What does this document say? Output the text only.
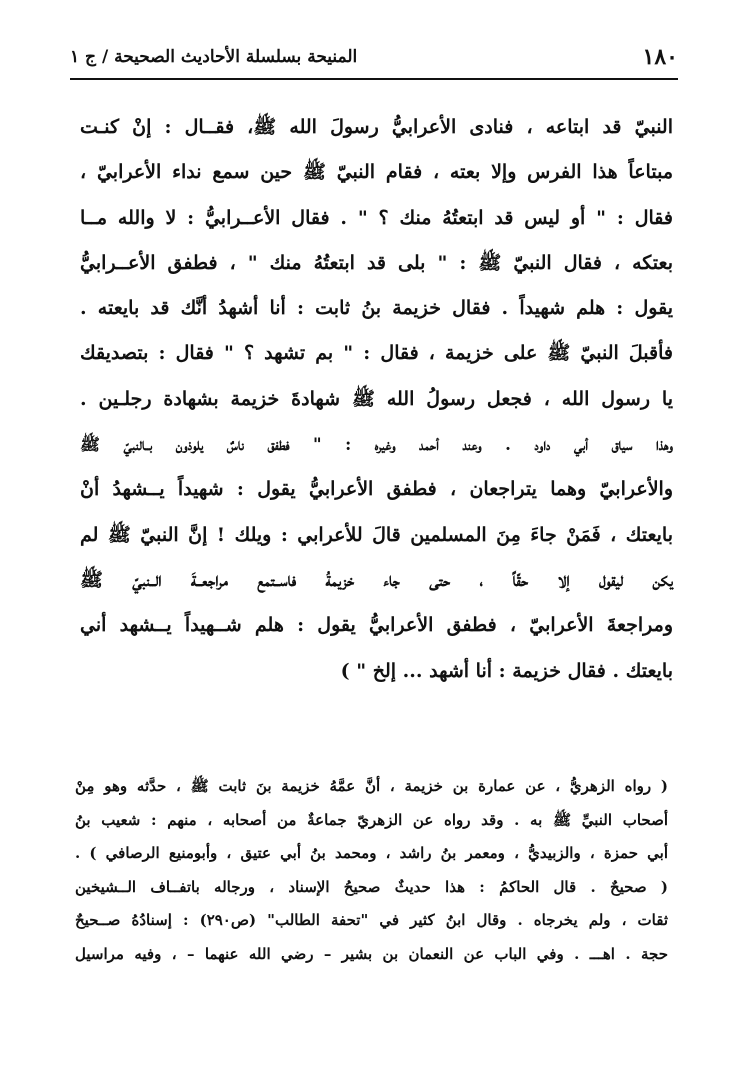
١٨٠
المنيحة بسلسلة الأحاديث الصحيحة / ج ١
النبيّ قد ابتاعه ، فنادى الأعرابيُّ رسولَ الله ﷺ، فقــال : إنْ كنـت
مبتاعاً هذا الفرس وإلا بعته ، فقام النبيّ ﷺ حين سمع نداء الأعرابيّ ،
فقال : " أو ليس قد ابتعتُهُ منك ؟ " . فقال الأعــرابيُّ : لا والله مــا
بعتكه ، فقال النبيّ ﷺ : " بلى قد ابتعتُهُ منك " ، فطفق الأعــرابيُّ
يقول : هلم شهيداً . فقال خزيمة بنُ ثابت : أنا أشهدُ أنَّك قد بايعته .
فأقبلَ النبيّ ﷺ على خزيمة ، فقال : " بم تشهد ؟ " فقال : بتصديقك
يا رسول الله ، فجعل رسولُ الله ﷺ شهادةَ خزيمة بشهادة رجلـين .
وهذا سياق أبي داود . وعند أحمد وغيره : " فطفق ناسٌ يلوذون بــالنبيّ ﷺ
والأعرابيّ وهما يتراجعان ، فطفق الأعرابيُّ يقول : شهيداً يــشهدُ أنْ
بايعتك ، فَمَنْ جاءَ مِنَ المسلمين قالَ للأعرابي : ويلك ! إنَّ النبيّ ﷺ لم
يكن ليقول إلا حقّاً ، حتى جاء خزيمةُ فاســتمع مراجعــةَ الــنبيّ ﷺ
ومراجعةَ الأعرابيّ ، فطفق الأعرابيُّ يقول : هلم شــهيداً يــشهد أني
بايعتك . فقال خزيمة : أنا أشهد ... إلخ " )
( رواه الزهريُّ ، عن عمارة بن خزيمة ، أنَّ عمَّهُ خزيمة بنَ ثابت ﷺ ، حدَّثه وهو مِنْ
أصحاب النبيِّ ﷺ به . وقد رواه عن الزهريّ جماعةٌ من أصحابه ، منهم : شعيب بنُ
أبي حمزة ، والزبيديُّ ، ومعمر بنُ راشد ، ومحمد بنُ أبي عتيق ، وأبومنيع الرصافي ) .
( صحيحٌ . قال الحاكمُ : هذا حديثٌ صحيحُ الإسناد ، ورجاله باتفــاف الــشيخين
ثقات ، ولم يخرجاه . وقال ابنُ كثير في "تحفة الطالب" (ص٢٩٠) : إسنادُهُ صــحيحٌ
حجة . اهـــ . وفي الباب عن النعمان بن بشير – رضي الله عنهما – ، وفيه مراسيل
